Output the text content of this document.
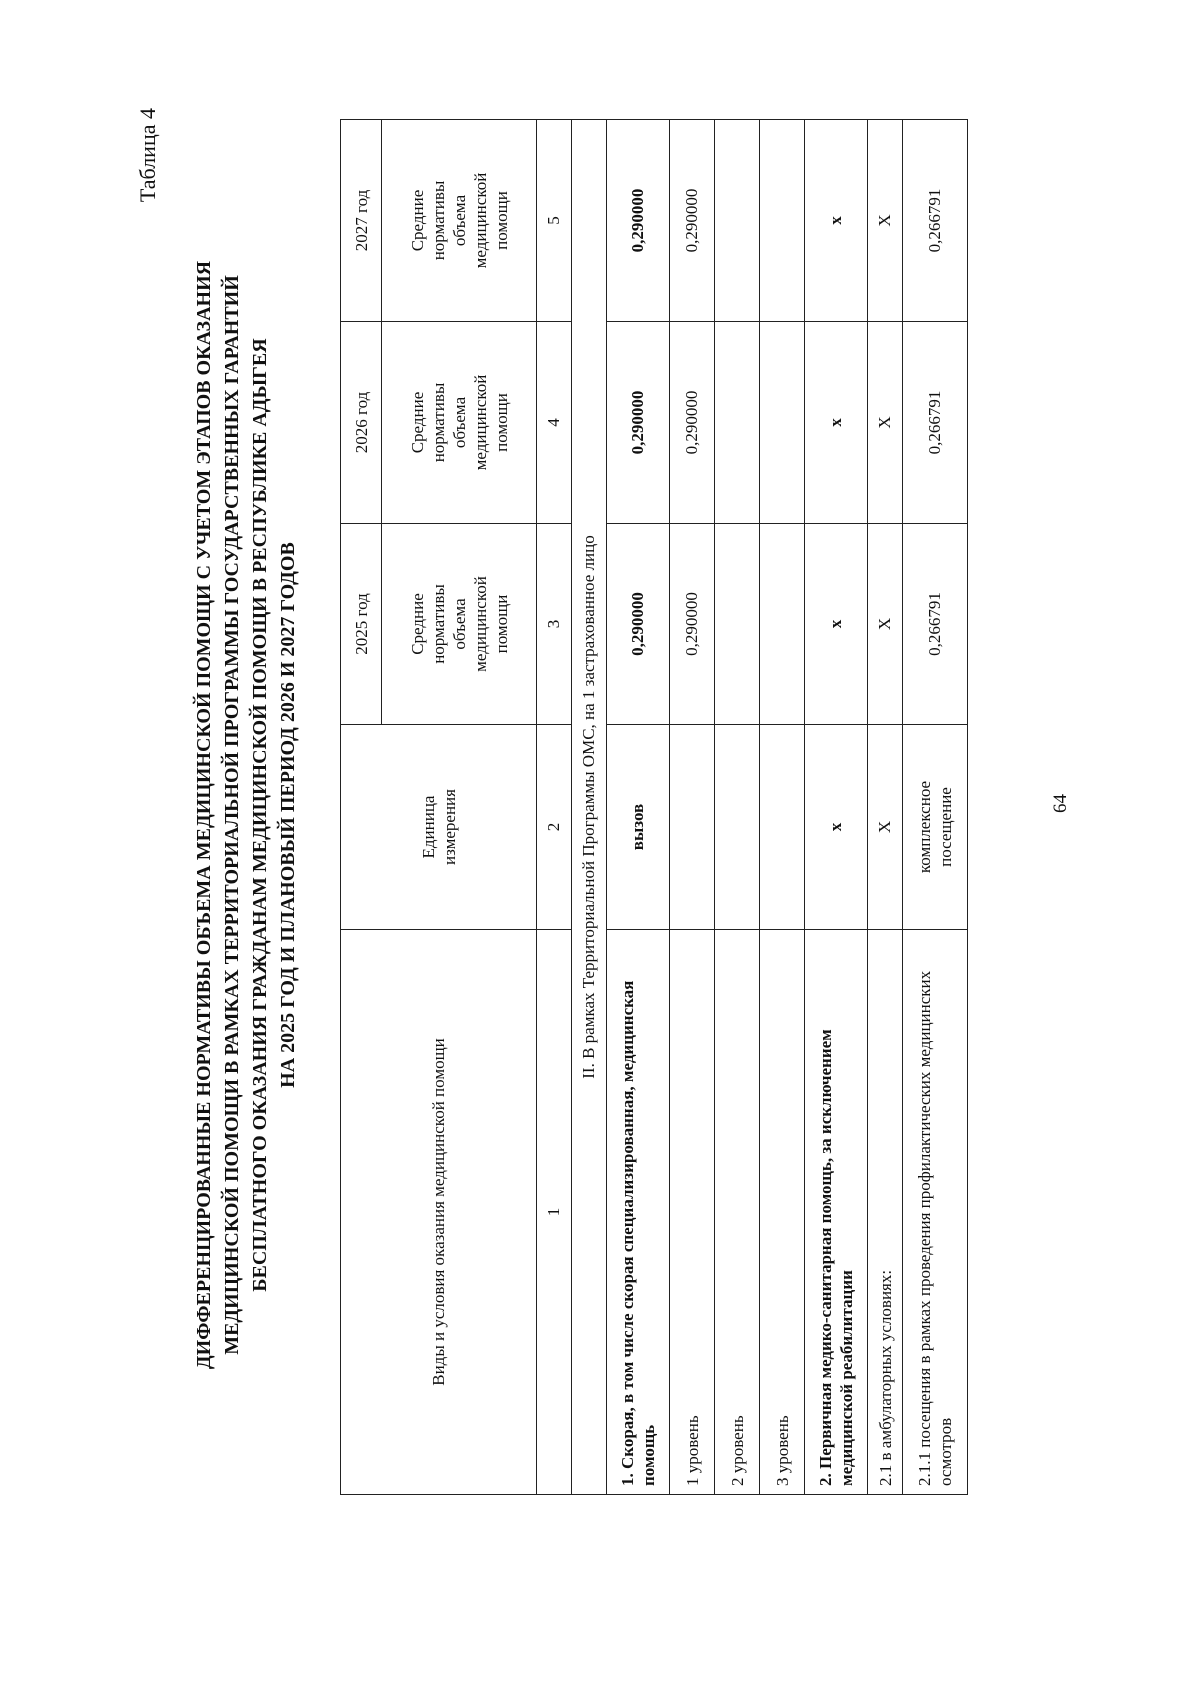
Таблица 4
64
ДИФФЕРЕНЦИРОВАННЫЕ НОРМАТИВЫ ОБЪЕМА МЕДИЦИНСКОЙ ПОМОЩИ С УЧЕТОМ ЭТАПОВ ОКАЗАНИЯ МЕДИЦИНСКОЙ ПОМОЩИ В РАМКАХ ТЕРРИТОРИАЛЬНОЙ ПРОГРАММЫ ГОСУДАРСТВЕННЫХ ГАРАНТИЙ БЕСПЛАТНОГО ОКАЗАНИЯ ГРАЖДАНАМ МЕДИЦИНСКОЙ ПОМОЩИ В РЕСПУБЛИКЕ АДЫГЕЯ НА 2025 ГОД И ПЛАНОВЫЙ ПЕРИОД 2026 И 2027 ГОДОВ
Виды и условия оказания медицинской помощи	Единица измерения	2025 год	2026 год	2027 год

		Средние нормативы объема медицинской помощи	Средние нормативы объема медицинской помощи	Средние нормативы объема медицинской помощи

1	2	3	4	5
II. В рамках Территориальной Программы ОМС, на 1 застрахованное лицо				
1. Скорая, в том числе скорая специализированная, медицинская помощь	вызов	0,290000	0,290000	0,290000
1 уровень		0,290000	0,290000	0,290000
2 уровень				
3 уровень				
2. Первичная медико-санитарная помощь, за исключением медицинской реабилитации	х	х	х	х
2.1 в амбулаторных условиях:	Х	Х	Х	Х
2.1.1 посещения в рамках проведения профилактических медицинских осмотров	комплексное посещение	0,266791	0,266791	0,266791
